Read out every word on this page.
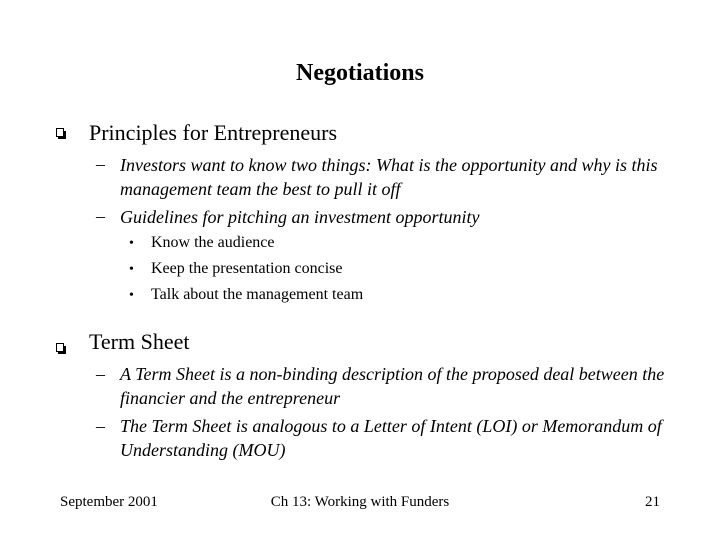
Negotiations
Principles for Entrepreneurs
– Investors want to know two things: What is the opportunity and why is this management team the best to pull it off
– Guidelines for pitching an investment opportunity
• Know the audience
• Keep the presentation concise
• Talk about the management team
Term Sheet
– A Term Sheet is a non-binding description of the proposed deal between the financier and the entrepreneur
– The Term Sheet is analogous to a Letter of Intent (LOI) or Memorandum of Understanding (MOU)
September 2001	Ch 13: Working with Funders	21
